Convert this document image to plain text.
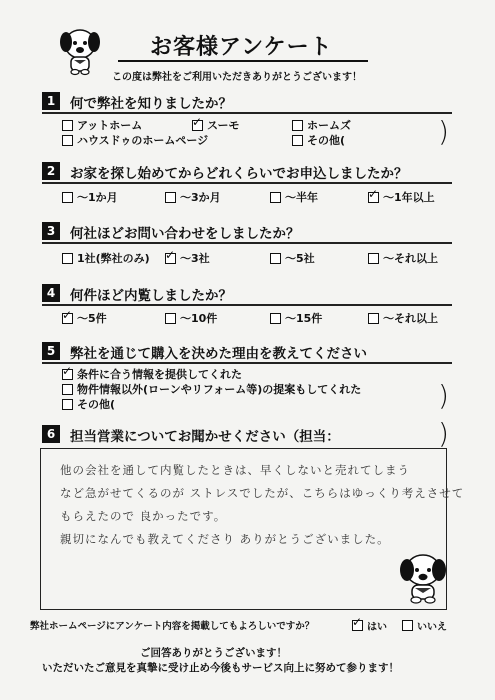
お客様アンケート
この度は弊社をご利用いただきありがとうございます！
1	何で弊社を知りましたか？
アットホーム ✓	スーモ	ホームズ
ハウスドゥのホームページ	その他(	)
2	お家を探し始めてからどれくらいでお申込しましたか？
～1か月	～3か月	～半年 ✓	～1年以上
3	何社ほどお問い合わせをしましたか？
1社(弊社のみ) ✓	～3社	～5社	～それ以上
4	何件ほど内覧しましたか？
✓
～5件	～10件	～15件	～それ以上
5	弊社を通じて購入を決めた理由を教えてください
✓
条件に合う情報を提供してくれた
物件情報以外(ローンやリフォーム等)の提案もしてくれた
その他(	)
6	担当営業についてお聞かせください（担当：	)
他の会社を通して内覧したときは、早くしないと売れてしまう
など急がせてくるのが ストレスでしたが、こちらはゆっくり考えさせて
もらえたので 良かったです。
親切になんでも教えてくださり ありがとうございました。
弊社ホームページにアンケート内容を掲載してもよろしいですか？ ✓	はい	いいえ
ご回答ありがとうございます！
いただいたご意見を真摯に受け止め今後もサービス向上に努めて参ります！
